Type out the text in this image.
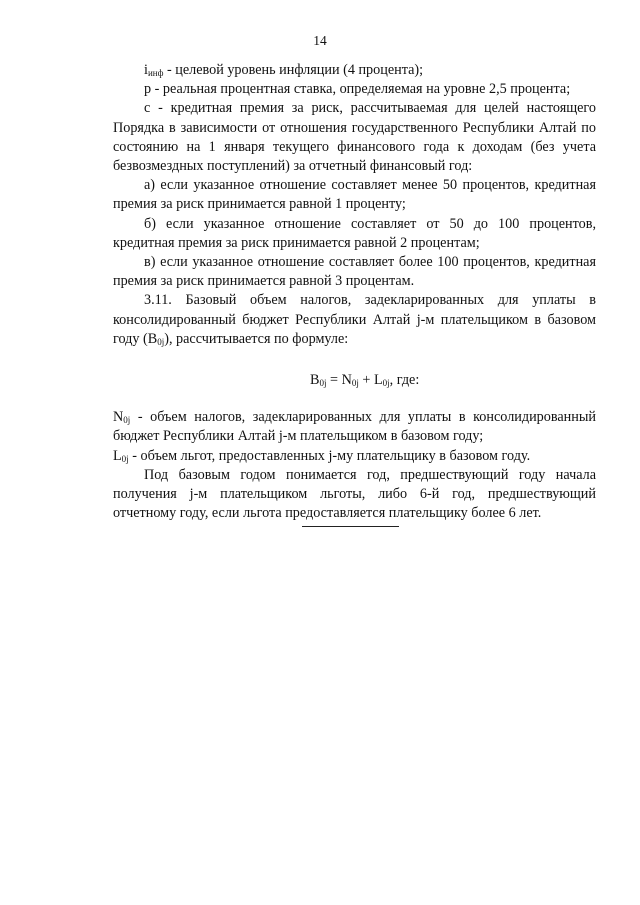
14

$i_{инф}$ - целевой уровень инфляции (4 процента);

p - реальная процентная ставка, определяемая на уровне 2,5 процента;

c - кредитная премия за риск, рассчитываемая для целей настоящего Порядка в зависимости от отношения государственного Республики Алтай по состоянию на 1 января текущего финансового года к доходам (без учета безвозмездных поступлений) за отчетный финансовый год:

а) если указанное отношение составляет менее 50 процентов, кредитная премия за риск принимается равной 1 проценту;

б) если указанное отношение составляет от 50 до 100 процентов, кредитная премия за риск принимается равной 2 процентам;

в) если указанное отношение составляет более 100 процентов, кредитная премия за риск принимается равной 3 процентам.

3.11. Базовый объем налогов, задекларированных для уплаты в консолидированный бюджет Республики Алтай j-м плательщиком в базовом году $(B_{0j})$, рассчитывается по формуле:

$B_{0j} = N_{0j} + L_{0j}$, где:

$N_{0j}$ - объем налогов, задекларированных для уплаты в консолидированный бюджет Республики Алтай j-м плательщиком в базовом году;

$L_{0j}$ - объем льгот, предоставленных j-му плательщику в базовом году.

Под базовым годом понимается год, предшествующий году начала получения j-м плательщиком льготы, либо 6-й год, предшествующий отчетному году, если льгота предоставляется плательщику более 6 лет.
